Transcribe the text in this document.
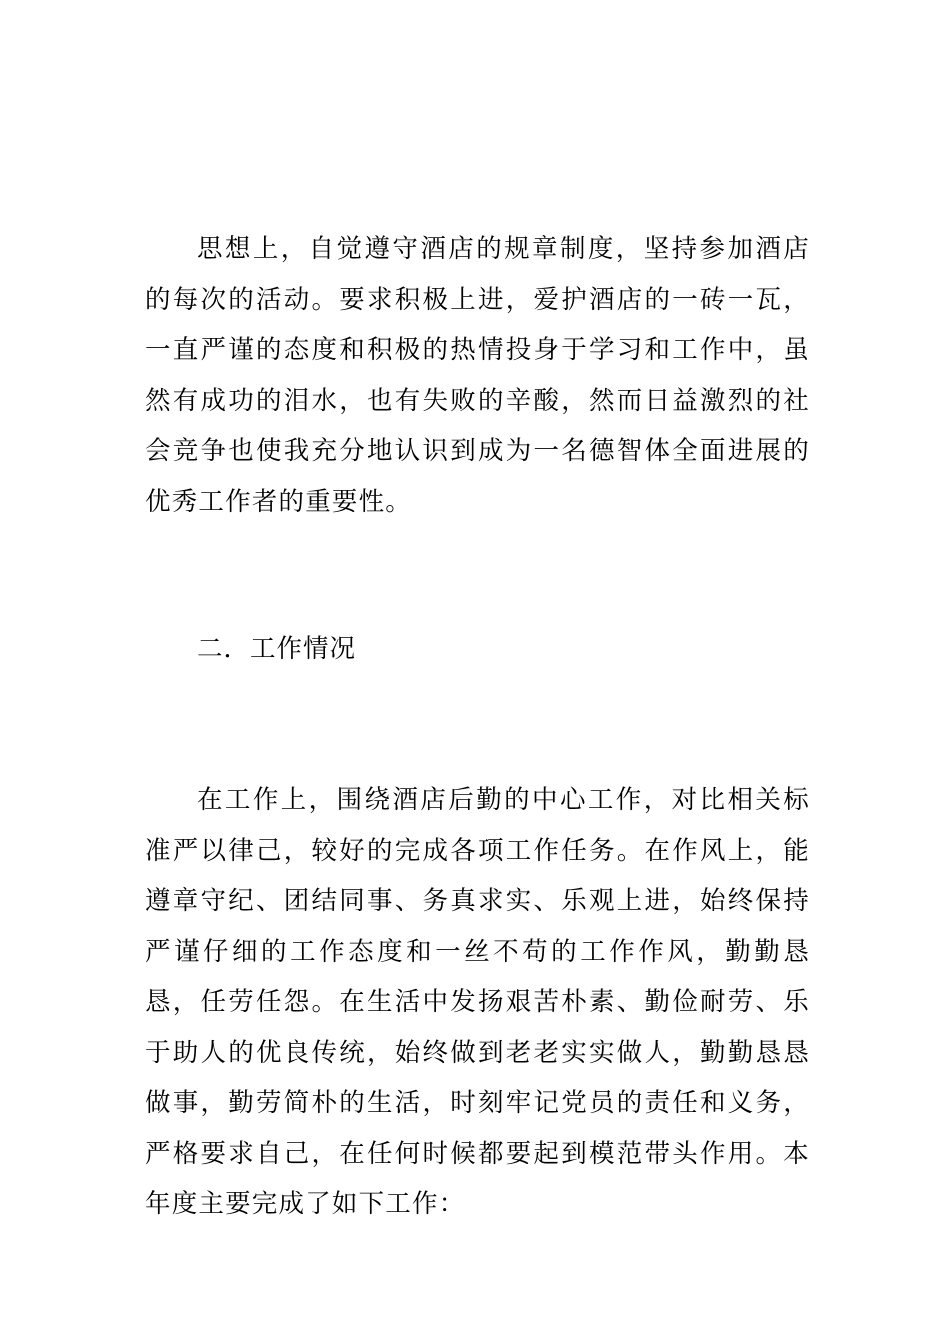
思想上，自觉遵守酒店的规章制度，坚持参加酒店的每次的活动。要求积极上进，爱护酒店的一砖一瓦，一直严谨的态度和积极的热情投身于学习和工作中，虽然有成功的泪水，也有失败的辛酸，然而日益激烈的社会竞争也使我充分地认识到成为一名德智体全面进展的优秀工作者的重要性。

二．工作情况

在工作上，围绕酒店后勤的中心工作，对比相关标准严以律己，较好的完成各项工作任务。在作风上，能遵章守纪、团结同事、务真求实、乐观上进，始终保持严谨仔细的工作态度和一丝不苟的工作作风，勤勤恳恳，任劳任怨。在生活中发扬艰苦朴素、勤俭耐劳、乐于助人的优良传统，始终做到老老实实做人，勤勤恳恳做事，勤劳简朴的生活，时刻牢记党员的责任和义务，严格要求自己，在任何时候都要起到模范带头作用。本年度主要完成了如下工作：
